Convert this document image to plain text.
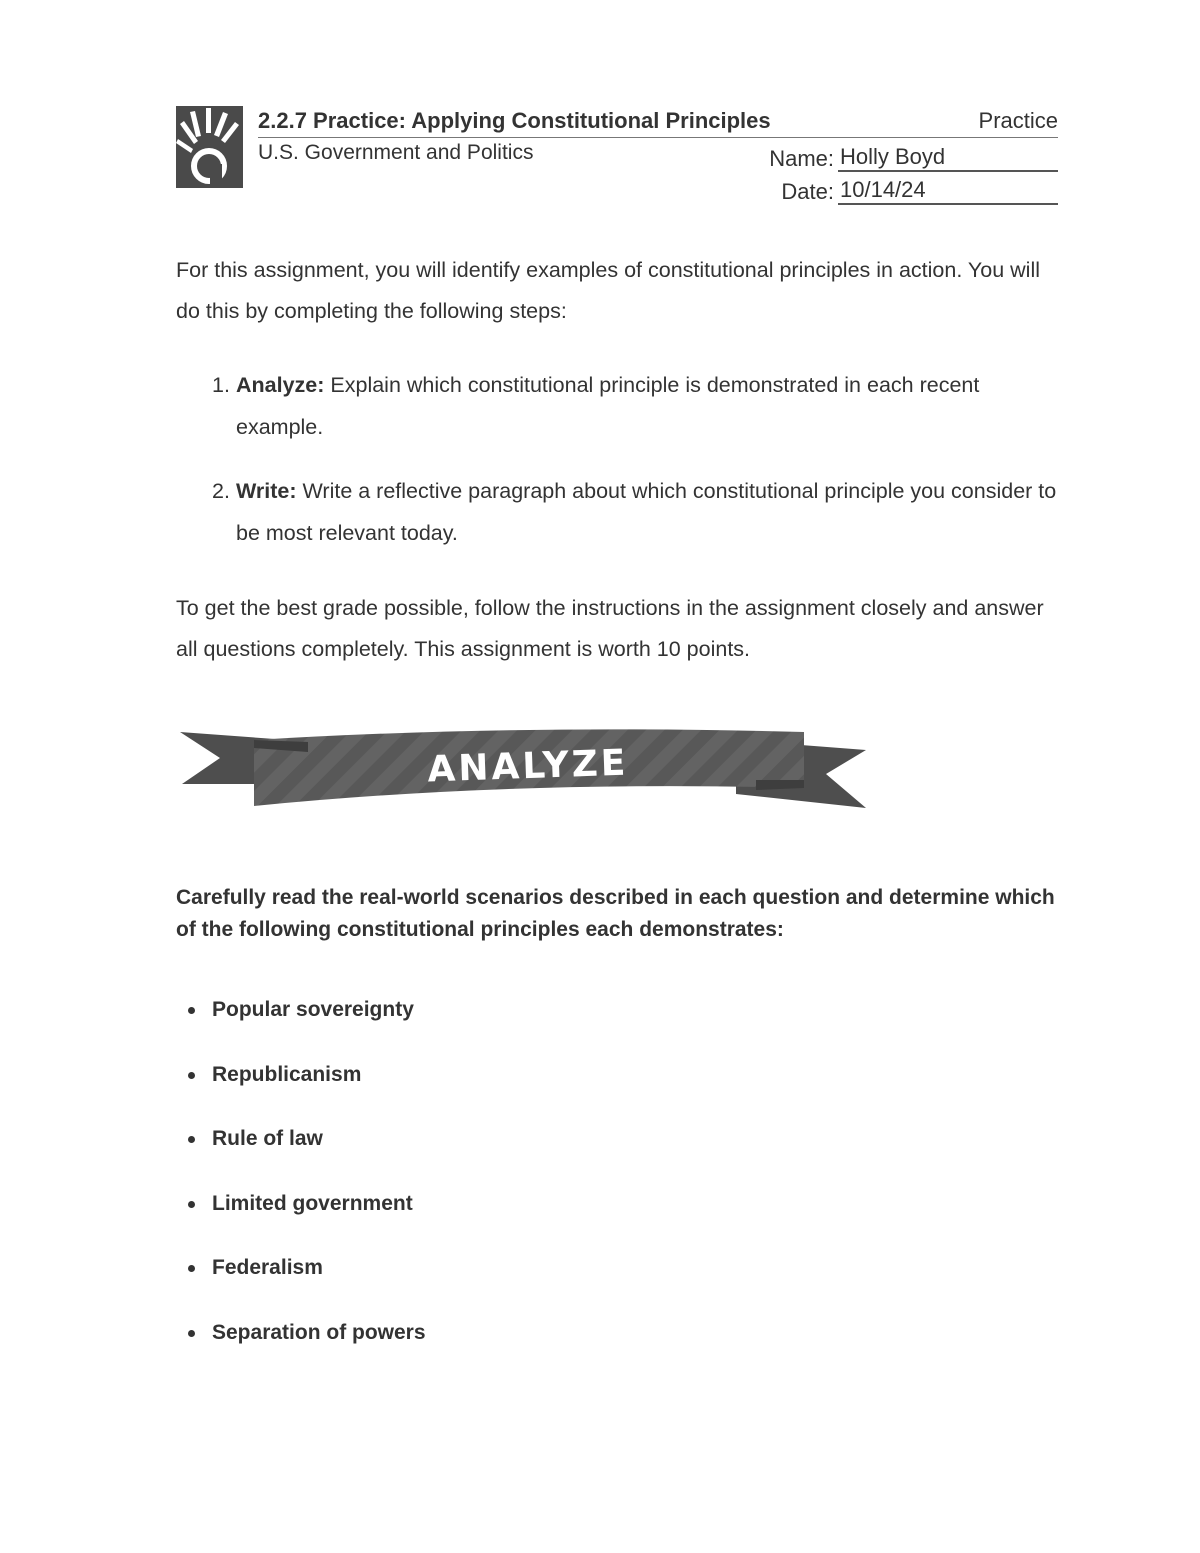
2.2.7 Practice: Applying Constitutional Principles	Practice
U.S. Government and Politics	Name: Holly Boyd
Date: 10/14/24

For this assignment, you will identify examples of constitutional principles in action. You will do this by completing the following steps:

1. Analyze: Explain which constitutional principle is demonstrated in each recent example.
2. Write: Write a reflective paragraph about which constitutional principle you consider to be most relevant today.

To get the best grade possible, follow the instructions in the assignment closely and answer all questions completely. This assignment is worth 10 points.

ANALYZE

Carefully read the real-world scenarios described in each question and determine which of the following constitutional principles each demonstrates:

Popular sovereignty
Republicanism
Rule of law
Limited government
Federalism
Separation of powers
